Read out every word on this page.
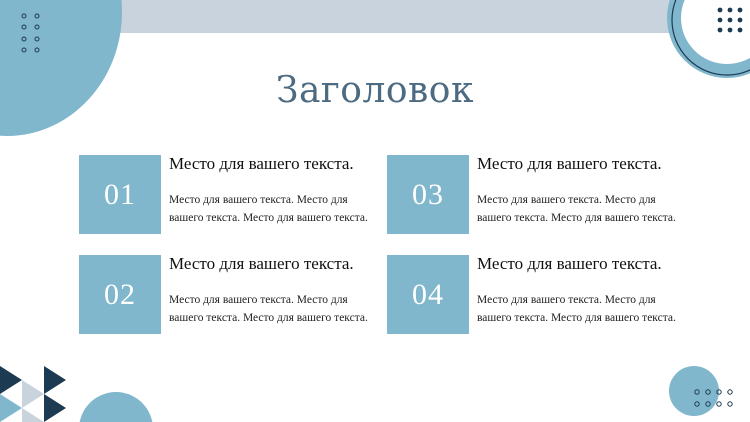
Заголовок
01
Место для вашего текста.
Место для вашего текста. Место для вашего текста. Место для вашего текста.
03
Место для вашего текста.
Место для вашего текста. Место для вашего текста. Место для вашего текста.
02
Место для вашего текста.
Место для вашего текста. Место для вашего текста. Место для вашего текста.
04
Место для вашего текста.
Место для вашего текста. Место для вашего текста. Место для вашего текста.
